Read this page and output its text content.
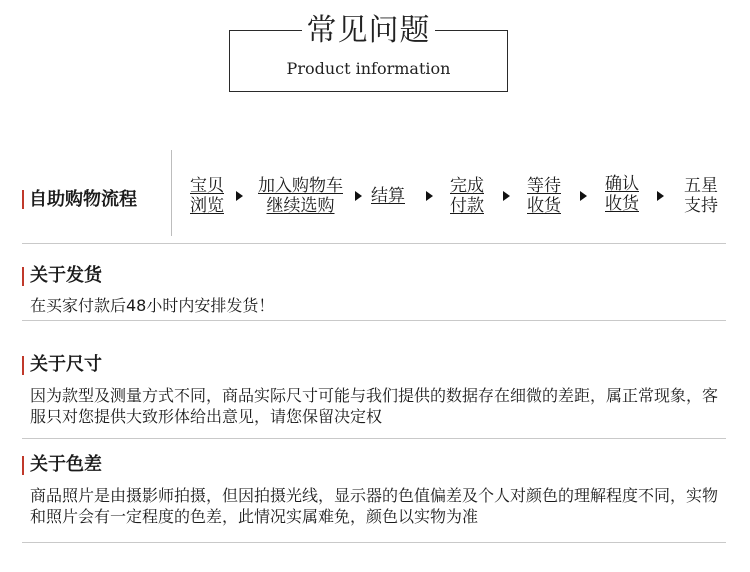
常见问题
Product information
自助购物流程
宝贝
浏览
加入购物车
继续选购	结算	完成
付款
等待
收货
确认
收货
五星
支持
关于发货
在买家付款后48小时内安排发货！
关于尺寸
因为款型及测量方式不同，商品实际尺寸可能与我们提供的数据存在细微的差距，属正常现象，客服只对您提供大致形体给出意见，请您保留决定权
关于色差
商品照片是由摄影师拍摄，但因拍摄光线，显示器的色值偏差及个人对颜色的理解程度不同，实物和照片会有一定程度的色差，此情况实属难免，颜色以实物为准
